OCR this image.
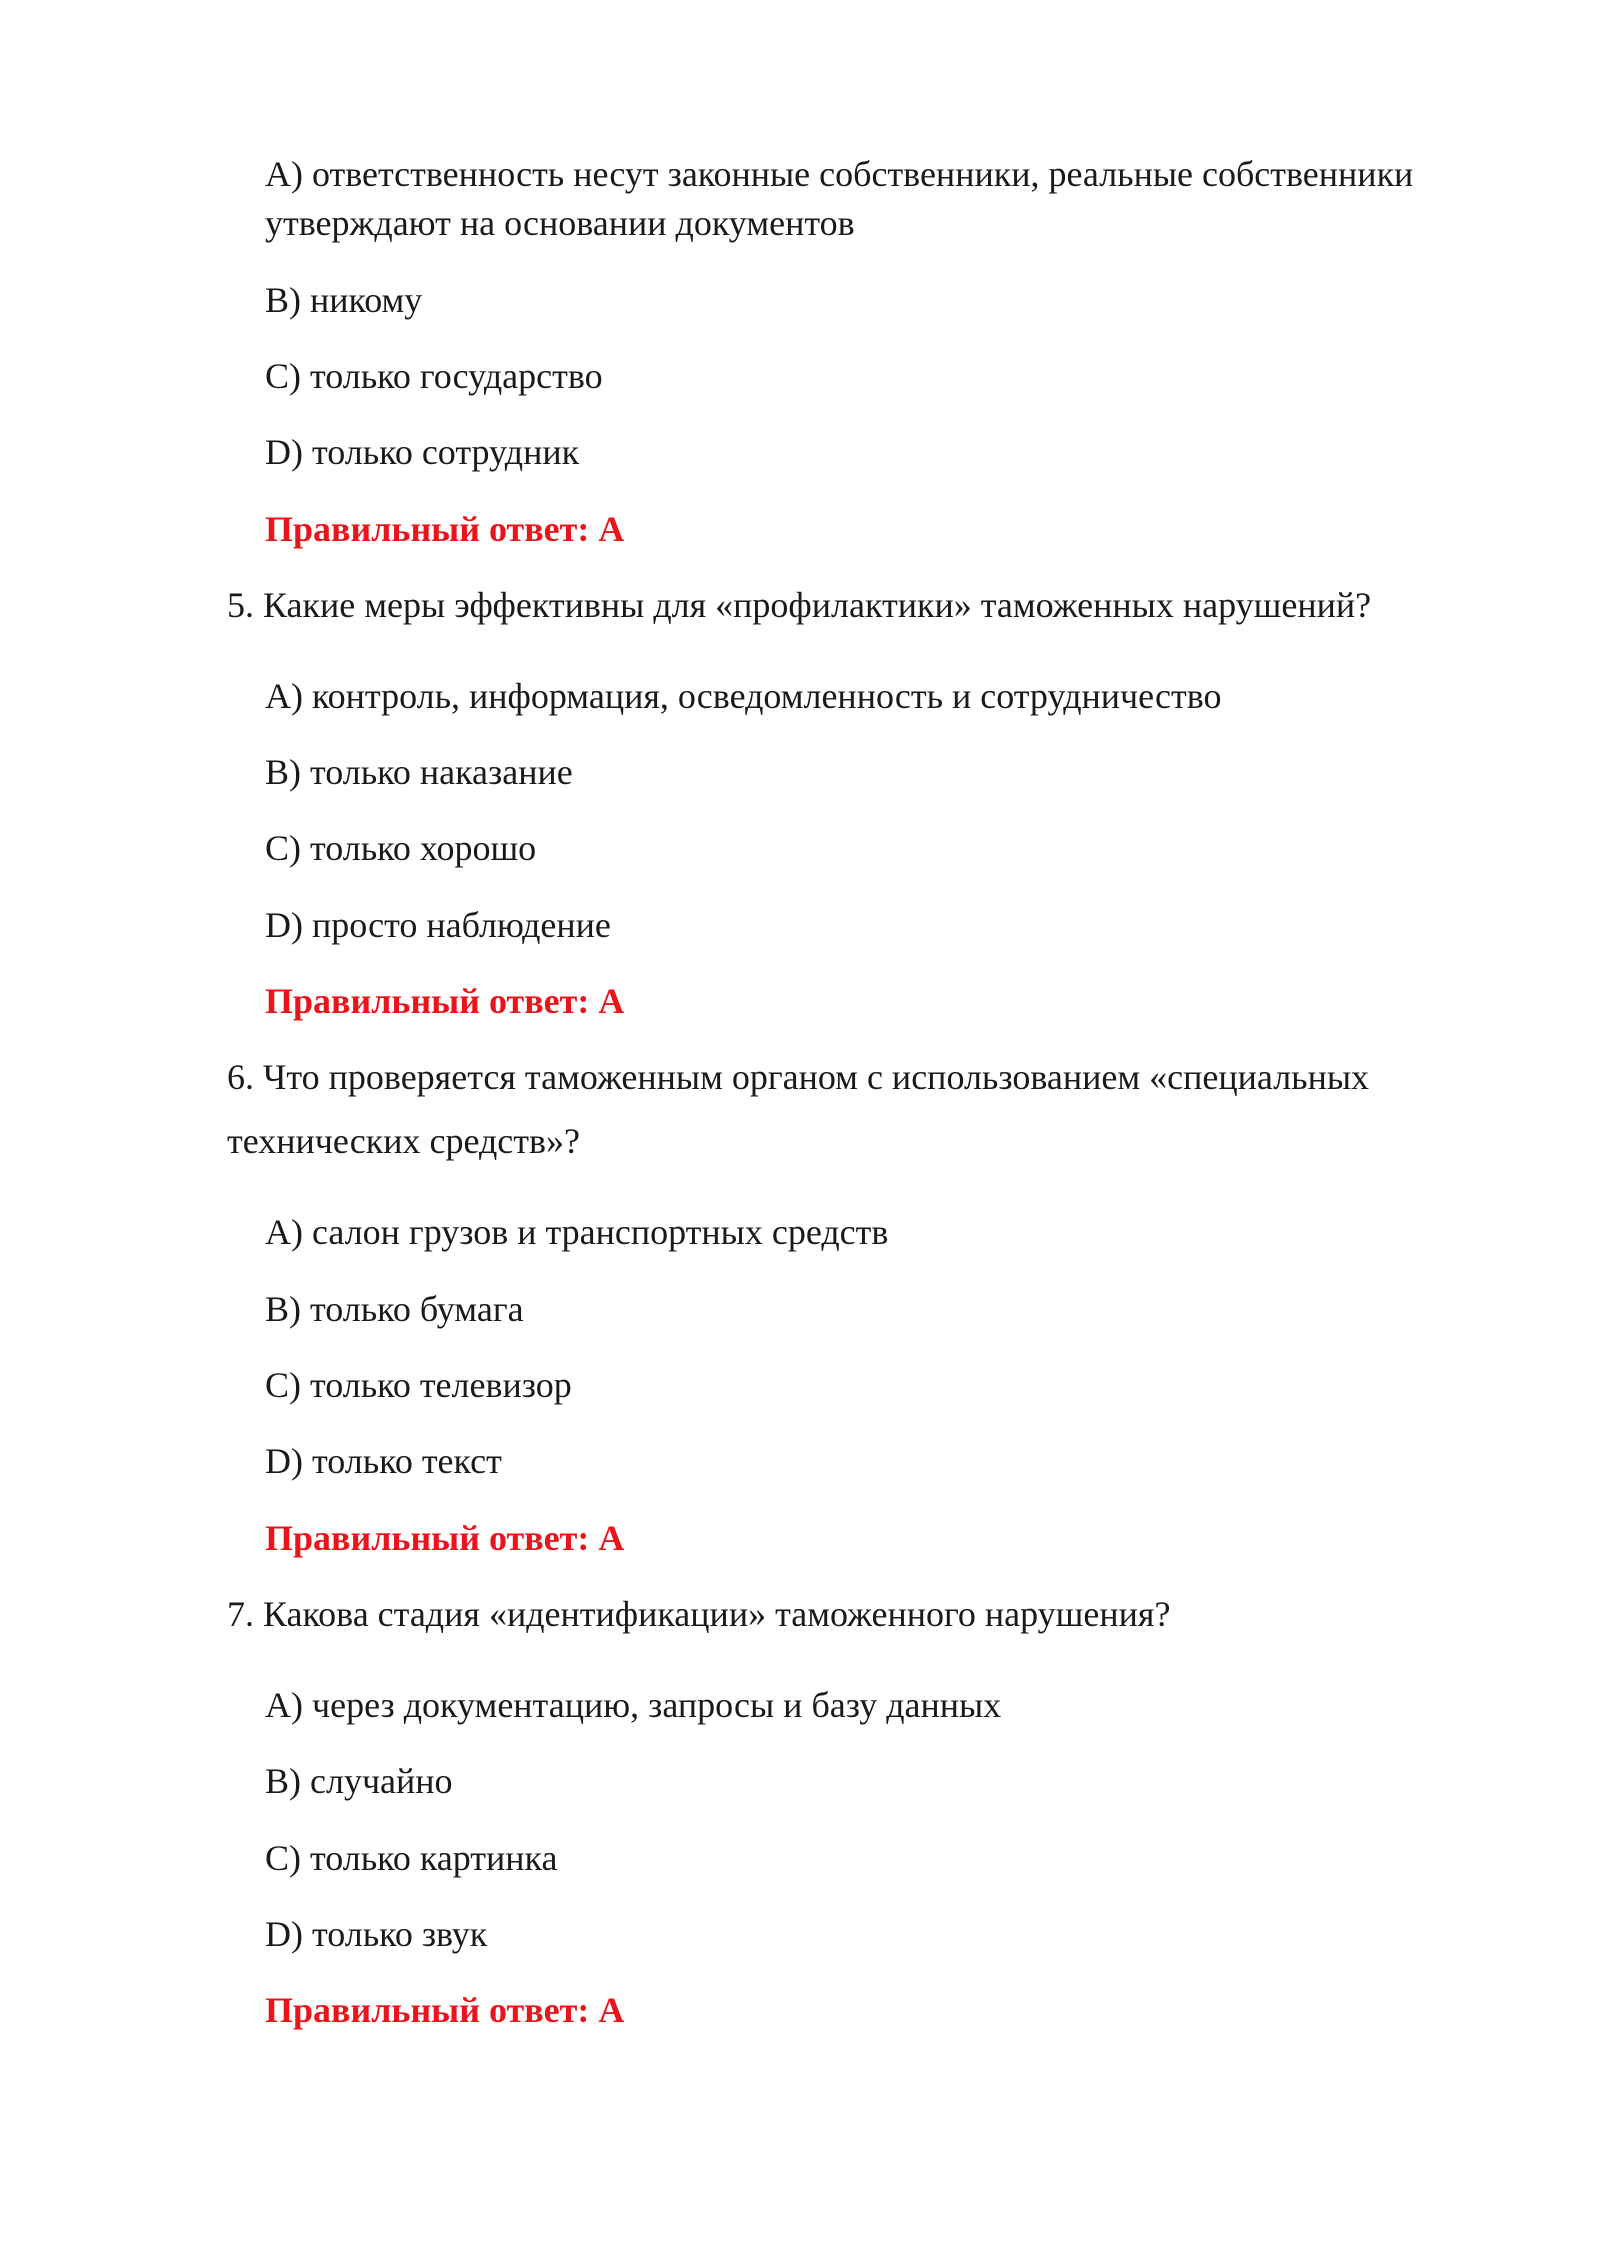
A) ответственность несут законные собственники, реальные собственники
утверждают на основании документов
B) никому
C) только государство
D) только сотрудник
Правильный ответ: A
5. Какие меры эффективны для «профилактики» таможенных нарушений?
A) контроль, информация, осведомленность и сотрудничество
B) только наказание
C) только хорошо
D) просто наблюдение
Правильный ответ: A
6. Что проверяется таможенным органом с использованием «специальных
технических средств»?
A) салон грузов и транспортных средств
B) только бумага
C) только телевизор
D) только текст
Правильный ответ: A
7. Какова стадия «идентификации» таможенного нарушения?
A) через документацию, запросы и базу данных
B) случайно
C) только картинка
D) только звук
Правильный ответ: A
